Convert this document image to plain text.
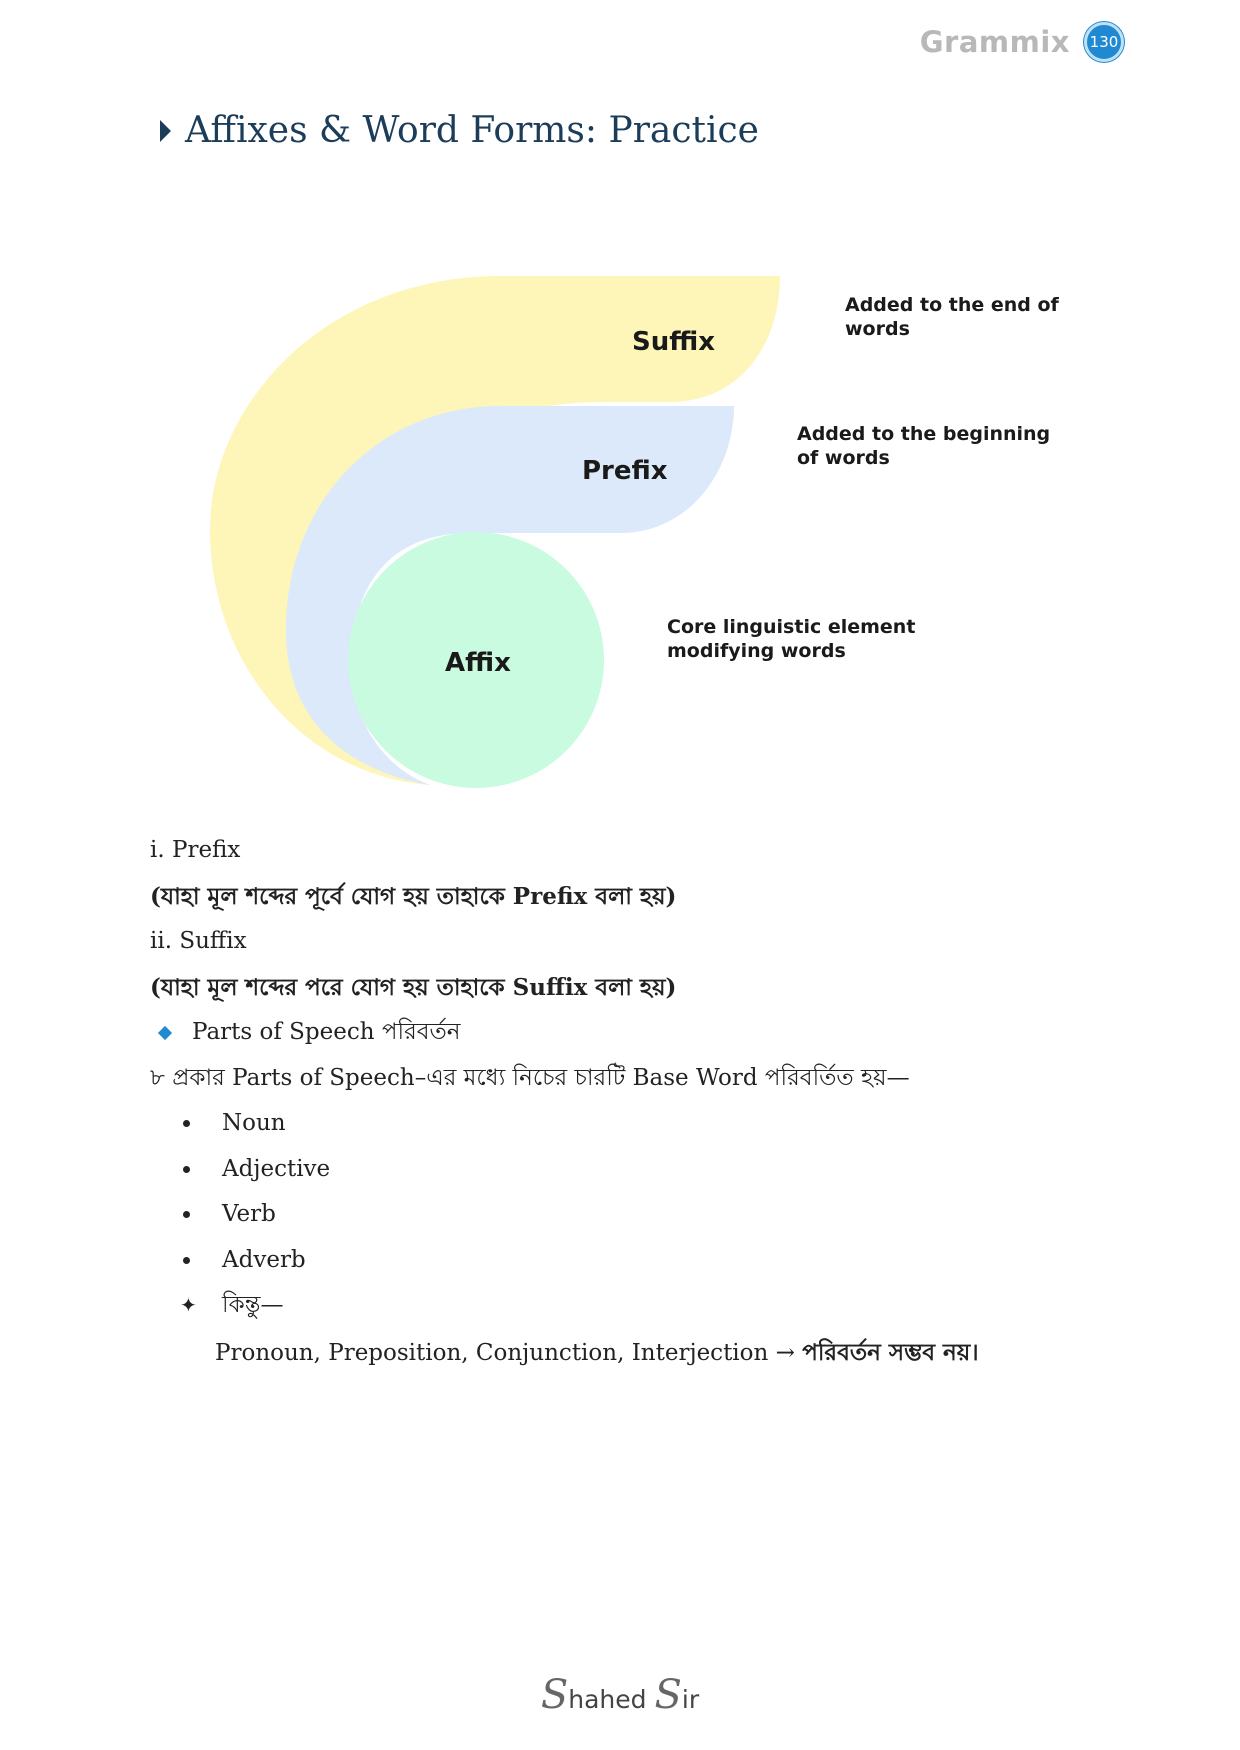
Grammix	130
Affixes & Word Forms: Practice
Suffix
Prefix
Affix
Added to the end of
words
Added to the beginning
of words
Core linguistic element
modifying words

i. Prefix

(যাহা মূল শব্দের পূর্বে যোগ হয় তাহাকে Prefix বলা হয়)

ii. Suffix

(যাহা মূল শব্দের পরে যোগ হয় তাহাকে Suffix বলা হয়)

Parts of Speech পরিবর্তন

৮ প্রকার Parts of Speech–এর মধ্যে নিচের চারটি Base Word পরিবর্তিত হয়—

Noun
Adjective
Verb
Adverb
✦ কিন্তু—
Pronoun, Preposition, Conjunction, Interjection → পরিবর্তন সম্ভব নয়।
Shahed Sir
